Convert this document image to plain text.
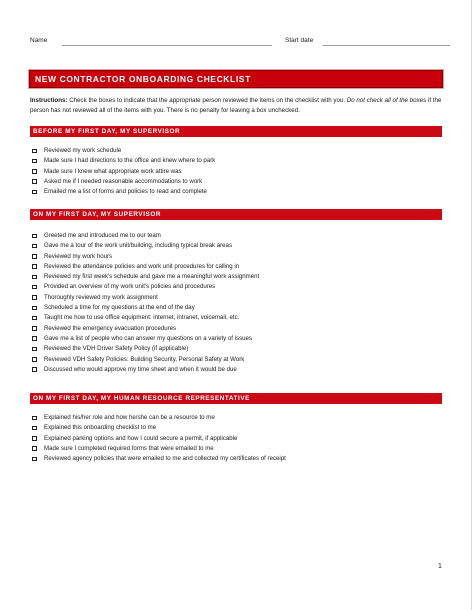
Name	Start date
NEW CONTRACTOR ONBOARDING CHECKLIST
Instructions: Check the boxes to indicate that the appropriate person reviewed the items on the checklist with you. Do not check all of the boxes if the person has not reviewed all of the items with you. There is no penalty for leaving a box unchecked.
BEFORE MY FIRST DAY, MY SUPERVISOR
Reviewed my work schedule
Made sure I had directions to the office and knew where to park
Made sure I knew what appropriate work attire was
Asked me if I needed reasonable accommodations to work
Emailed me a list of forms and policies to read and complete
ON MY FIRST DAY, MY SUPERVISOR
Greeted me and introduced me to our team
Gave me a tour of the work unit/building, including typical break areas
Reviewed my work hours
Reviewed the attendance policies and work unit procedures for calling in
Reviewed my first week's schedule and gave me a meaningful work assignment
Provided an overview of my work unit's policies and procedures
Thoroughly reviewed my work assignment
Scheduled a time for my questions at the end of the day
Taught me how to use office equipment: internet, intranet, voicemail, etc.
Reviewed the emergency evacuation procedures
Gave me a list of people who can answer my questions on a variety of issues
Reviewed the VDH Driver Safety Policy (if applicable)
Reviewed VDH Safety Policies: Building Security, Personal Safety at Work
Discussed who would approve my time sheet and when it would be due
ON MY FIRST DAY, MY HUMAN RESOURCE REPRESENTATIVE
Explained his/her role and how he/she can be a resource to me
Explained this onboarding checklist to me
Explained parking options and how I could secure a permit, if applicable
Made sure I completed required forms that were emailed to me
Reviewed agency policies that were emailed to me and collected my certificates of receipt
1
